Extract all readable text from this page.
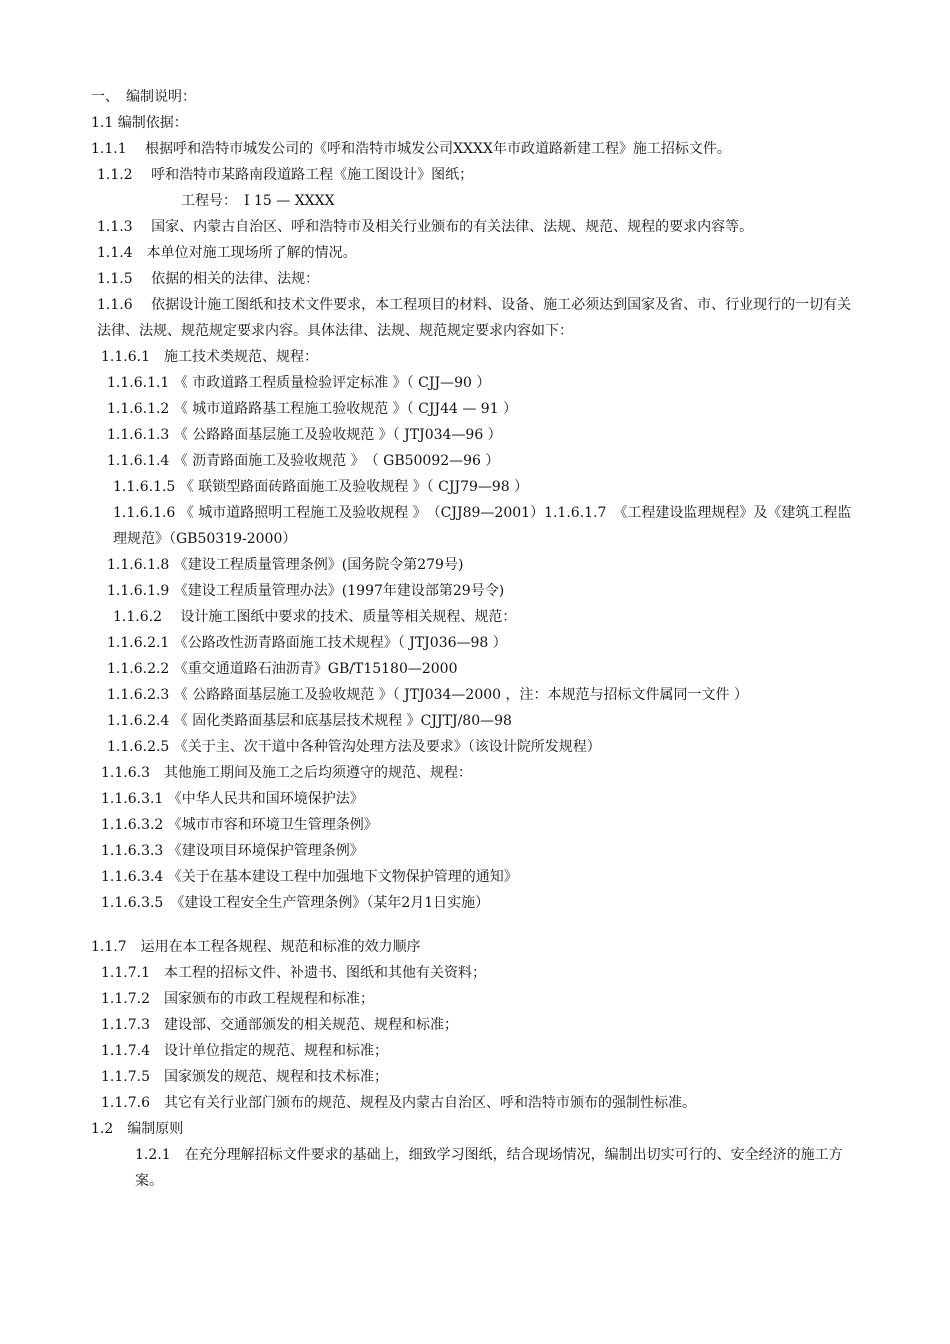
一、　编制说明：

1.1 编制依据：

1.1.1　 根据呼和浩特市城发公司的《呼和浩特市城发公司XXXX年市政道路新建工程》施工招标文件。

1.1.2　 呼和浩特市某路南段道路工程《施工图设计》图纸；

工程号：　Ⅰ 15 — XXXX

1.1.3　 国家、内蒙古自治区、呼和浩特市及相关行业颁布的有关法律、法规、规范、规程的要求内容等。

1.1.4　本单位对施工现场所了解的情况。

1.1.5　 依据的相关的法律、法规：

1.1.6　 依据设计施工图纸和技术文件要求，本工程项目的材料、设备、施工必须达到国家及省、市、行业现行的一切有关法律、法规、规范规定要求内容。具体法律、法规、规范规定要求内容如下：

1.1.6.1　施工技术类规范、规程：

1.1.6.1.1 《 市政道路工程质量检验评定标准 》（ CJJ—90 ）

1.1.6.1.2 《 城市道路路基工程施工验收规范 》（ CJJ44 — 91 ）

1.1.6.1.3 《 公路路面基层施工及验收规范 》（ JTJ034—96 ）

1.1.6.1.4 《 沥青路面施工及验收规范 》　（ GB50092—96 ）

1.1.6.1.5 《 联锁型路面砖路面施工及验收规程 》（ CJJ79—98 ）

1.1.6.1.6 《 城市道路照明工程施工及验收规程 》　（CJJ89—2001）1.1.6.1.7　《工程建设监理规程》及《建筑工程监理规范》（GB50319-2000）

1.1.6.1.8 《建设工程质量管理条例》(国务院令第279号)

1.1.6.1.9 《建设工程质量管理办法》(1997年建设部第29号令)

1.1.6.2　 设计施工图纸中要求的技术、质量等相关规程、规范：

1.1.6.2.1 《公路改性沥青路面施工技术规程》（ JTJ036—98 ）

1.1.6.2.2 《重交通道路石油沥青》GB/T15180—2000

1.1.6.2.3 《 公路路面基层施工及验收规范 》（ JTJ034—2000 ，注：本规范与招标文件属同一文件 ）

1.1.6.2.4 《 固化类路面基层和底基层技术规程 》CJJTJ/80—98

1.1.6.2.5 《关于主、次干道中各种管沟处理方法及要求》（该设计院所发规程）

1.1.6.3　其他施工期间及施工之后均须遵守的规范、规程：

1.1.6.3.1 《中华人民共和国环境保护法》

1.1.6.3.2 《城市市容和环境卫生管理条例》

1.1.6.3.3 《建设项目环境保护管理条例》

1.1.6.3.4 《关于在基本建设工程中加强地下文物保护管理的通知》

1.1.6.3.5　《建设工程安全生产管理条例》（某年2月1日实施）

1.1.7　运用在本工程各规程、规范和标准的效力顺序

1.1.7.1　本工程的招标文件、补遗书、图纸和其他有关资料；

1.1.7.2　国家颁布的市政工程规程和标准；

1.1.7.3　建设部、交通部颁发的相关规范、规程和标准；

1.1.7.4　设计单位指定的规范、规程和标准；

1.1.7.5　国家颁发的规范、规程和技术标准；

1.1.7.6　其它有关行业部门颁布的规范、规程及内蒙古自治区、呼和浩特市颁布的强制性标准。

1.2　编制原则

1.2.1　在充分理解招标文件要求的基础上，细致学习图纸，结合现场情况，编制出切实可行的、安全经济的施工方案。
